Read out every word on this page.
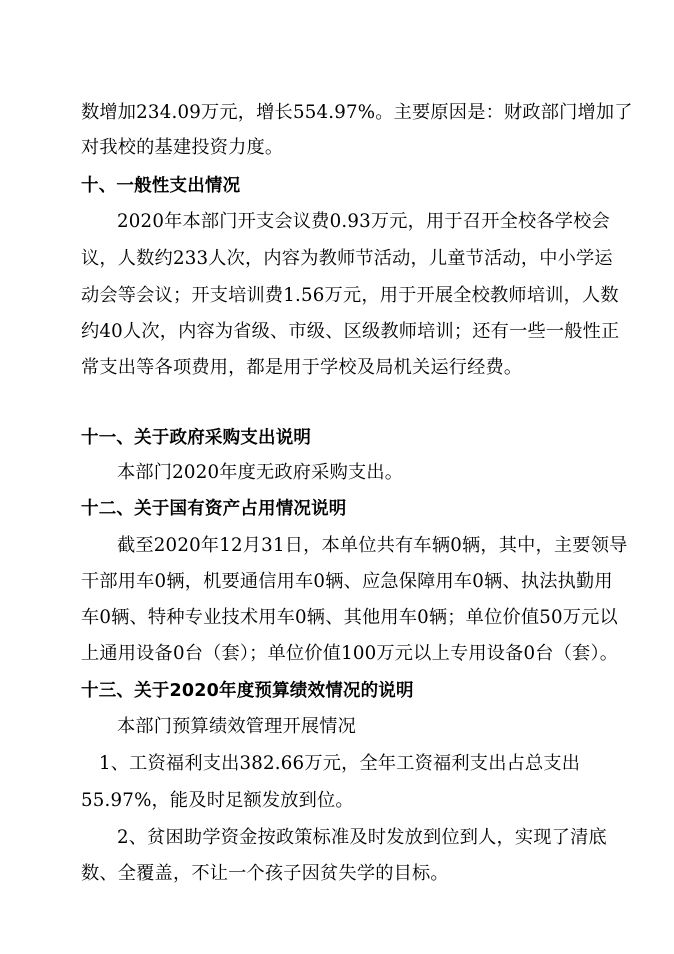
数增加234.09万元，增长554.97%。主要原因是：财政部门增加了
对我校的基建投资力度。
十、一般性支出情况
2020年本部门开支会议费0.93万元，用于召开全校各学校会
议，人数约233人次，内容为教师节活动，儿童节活动，中小学运
动会等会议；开支培训费1.56万元，用于开展全校教师培训，人数
约40人次，内容为省级、市级、区级教师培训；还有一些一般性正
常支出等各项费用，都是用于学校及局机关运行经费。
十一、关于政府采购支出说明
本部门2020年度无政府采购支出。
十二、关于国有资产占用情况说明
截至2020年12月31日，本单位共有车辆0辆，其中，主要领导
干部用车0辆，机要通信用车0辆、应急保障用车0辆、执法执勤用
车0辆、特种专业技术用车0辆、其他用车0辆；单位价值50万元以
上通用设备0台（套）；单位价值100万元以上专用设备0台（套）。
十三、关于2020年度预算绩效情况的说明
本部门预算绩效管理开展情况
1、工资福利支出382.66万元，全年工资福利支出占总支出
55.97%，能及时足额发放到位。
2、贫困助学资金按政策标准及时发放到位到人，实现了清底
数、全覆盖，不让一个孩子因贫失学的目标。
